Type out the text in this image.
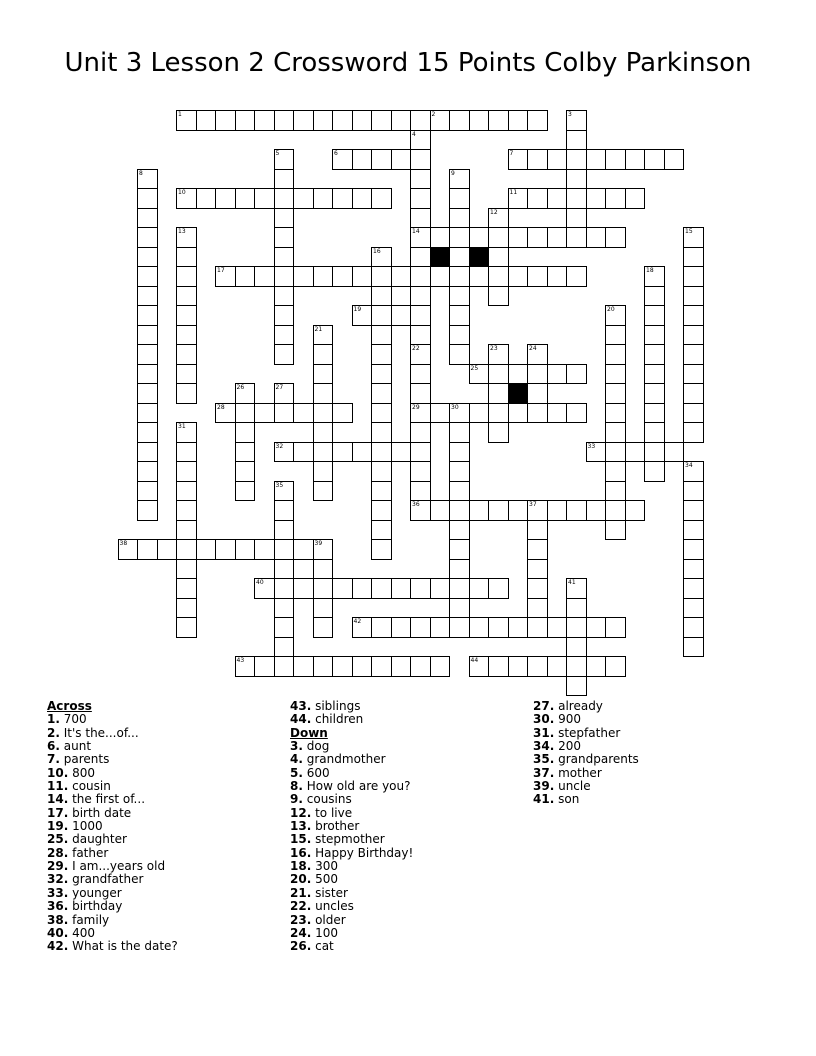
Unit 3 Lesson 2 Crossword 15 Points Colby Parkinson
1	2
6	7
10	11
14
17
19
25
28	29	30
32	33
36	37
38
40
42
43	44
3
4
22
5
8	9
12
13	15
16
18
20
21
23	24
26	27
31
34
35
39
41
Across
1. 700
2. It's the...of...
6. aunt
7. parents
10. 800
11. cousin
14. the first of...
17. birth date
19. 1000
25. daughter
28. father
29. I am...years old
32. grandfather
33. younger
36. birthday
38. family
40. 400
42. What is the date?
43. siblings
44. children
Down
3. dog
4. grandmother
5. 600
8. How old are you?
9. cousins
12. to live
13. brother
15. stepmother
16. Happy Birthday!
18. 300
20. 500
21. sister
22. uncles
23. older
24. 100
26. cat
27. already
30. 900
31. stepfather
34. 200
35. grandparents
37. mother
39. uncle
41. son
